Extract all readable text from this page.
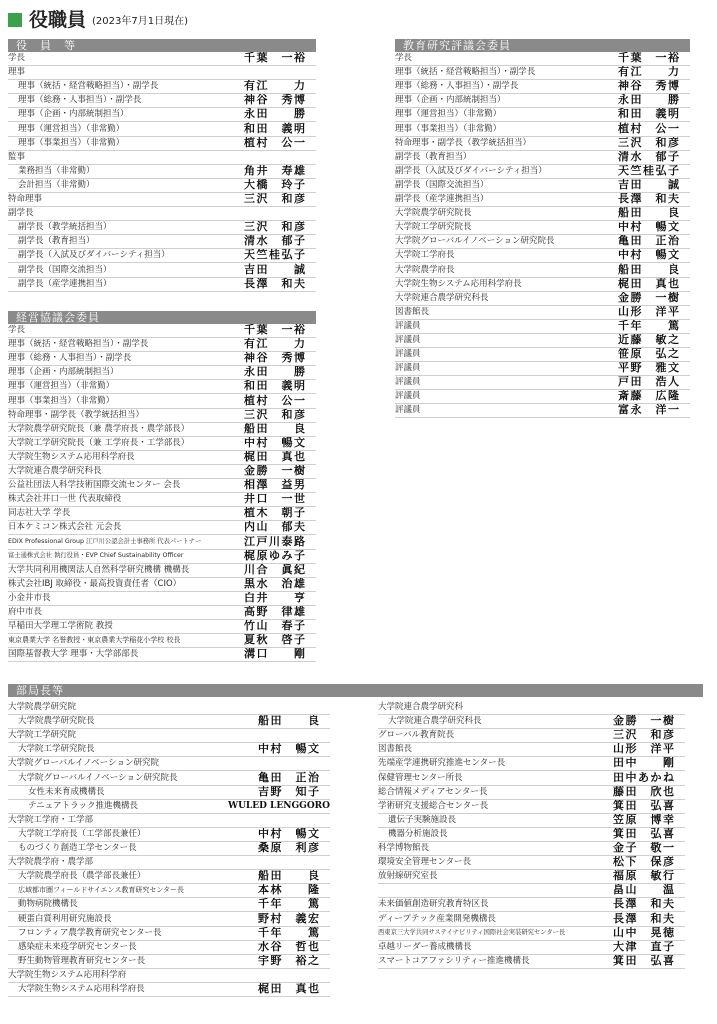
役職員 (2023年7月1日現在)
役　員　等
学長	千葉　一裕
理事
理事（統括・経営戦略担当）・副学長	有江　　力
理事（総務・人事担当）・副学長	神谷　秀博
理事（企画・内部統制担当）	永田　　勝
理事（運営担当）（非常勤）	和田　義明
理事（事業担当）（非常勤）	植村　公一
監事
業務担当（非常勤）	角井　寿雄
会計担当（非常勤）	大橋　玲子
特命理事	三沢　和彦
副学長
副学長（教学統括担当）	三沢　和彦
副学長（教育担当）	清水　郁子
副学長（入試及びダイバーシティ担当）	天竺桂弘子
副学長（国際交流担当）	吉田　　誠
副学長（産学連携担当）	長澤　和夫
経営協議会委員
学長	千葉　一裕
理事（統括・経営戦略担当）・副学長	有江　　力
理事（総務・人事担当）・副学長	神谷　秀博
理事（企画・内部統制担当）	永田　　勝
理事（運営担当）（非常勤）	和田　義明
理事（事業担当）（非常勤）	植村　公一
特命理事・副学長（教学統括担当）	三沢　和彦
大学院農学研究院長（兼 農学府長・農学部長）	船田　　良
大学院工学研究院長（兼 工学府長・工学部長）	中村　暢文
大学院生物システム応用科学府長	梶田　真也
大学院連合農学研究科長	金勝　一樹
公益社団法人科学技術国際交流センター 会長	相澤　益男
株式会社井口一世 代表取締役	井口　一世
同志社大学 学長	植木　朝子
日本ケミコン株式会社 元会長	内山　郁夫
EDIX Professional Group 江戸川公認会計士事務所 代表パートナー	江戸川泰路
富士通株式会社 執行役員・EVP Chief Sustainability Officer	梶原ゆみ子
大学共同利用機関法人自然科学研究機構 機構長	川合　眞紀
株式会社IBJ 取締役・最高投資責任者（CIO）	黒水　治雄
小金井市長	白井　　亨
府中市長	高野　律雄
早稲田大学理工学術院 教授	竹山　春子
東京農業大学 名誉教授・東京農業大学稲花小学校 校長	夏秋　啓子
国際基督教大学 理事・大学部部長	溝口　　剛
教育研究評議会委員
学長	千葉　一裕
理事（統括・経営戦略担当）・副学長	有江　　力
理事（総務・人事担当）・副学長	神谷　秀博
理事（企画・内部統制担当）	永田　　勝
理事（運営担当）（非常勤）	和田　義明
理事（事業担当）（非常勤）	植村　公一
特命理事・副学長（教学統括担当）	三沢　和彦
副学長（教育担当）	清水　郁子
副学長（入試及びダイバーシティ担当）	天竺桂弘子
副学長（国際交流担当）	吉田　　誠
副学長（産学連携担当）	長澤　和夫
大学院農学研究院長	船田　　良
大学院工学研究院長	中村　暢文
大学院グローバルイノベーション研究院長	亀田　正治
大学院工学府長	中村　暢文
大学院農学府長	船田　　良
大学院生物システム応用科学府長	梶田　真也
大学院連合農学研究科長	金勝　一樹
図書館長	山形　洋平
評議員	千年　　篤
評議員	近藤　敏之
評議員	笹原　弘之
評議員	平野　雅文
評議員	戸田　浩人
評議員	斎藤　広隆
評議員	富永　洋一
部局長等
大学院農学研究院
大学院農学研究院長	船田　　良
大学院工学研究院
大学院工学研究院長	中村　暢文
大学院グローバルイノベーション研究院
大学院グローバルイノベーション研究院長	亀田　正治
女性未来育成機構長	吉野　知子
テニュアトラック推進機構長	WULED LENGGORO
大学院工学府・工学部
大学院工学府長（工学部長兼任）	中村　暢文
ものづくり創造工学センター長	桑原　利彦
大学院農学府・農学部
大学院農学府長（農学部長兼任）	船田　　良
広域都市圏フィールドサイエンス教育研究センター長	本林　　隆
動物病院機構長	千年　　篤
硬蛋白質利用研究施設長	野村　義宏
フロンティア農学教育研究センター長	千年　　篤
感染症未来疫学研究センター長	水谷　哲也
野生動物管理教育研究センター長	宇野　裕之
大学院生物システム応用科学府
大学院生物システム応用科学府長	梶田　真也
大学院連合農学研究科
大学院連合農学研究科長	金勝　一樹
グローバル教育院長	三沢　和彦
図書館長	山形　洋平
先端産学連携研究推進センター長	田中　　剛
保健管理センター所長	田中あかね
総合情報メディアセンター長	藤田　欣也
学術研究支援総合センター長	箕田　弘喜
遺伝子実験施設長	笠原　博幸
機器分析施設長	箕田　弘喜
科学博物館長	金子　敬一
環境安全管理センター長	松下　保彦
放射線研究室長	福原　敏行
畠山　　温
未来価値創造研究教育特区長	長澤　和夫
ディープテック産業開発機構長	長澤　和夫
西東京三大学共同サステイナビリティ国際社会実装研究センター長	山中　晃徳
卓越リーダー養成機構長	大津　直子
スマートコアファシリティー推進機構長	箕田　弘喜
